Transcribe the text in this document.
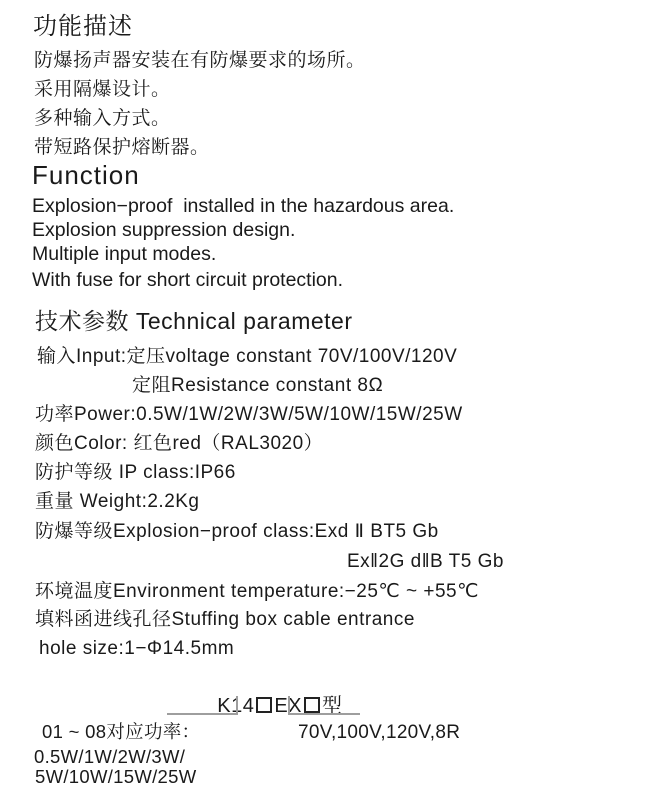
功能描述
防爆扬声器安装在有防爆要求的场所。
采用隔爆设计。
多种输入方式。
带短路保护熔断器。
Function
Explosion−proof  installed in the hazardous area.
Explosion suppression design.
Multiple input modes.
With fuse for short circuit protection.
技术参数 Technical parameter
输入Input:定压voltage constant 70V/100V/120V
定阻Resistance constant 8Ω
功率Power:0.5W/1W/2W/3W/5W/10W/15W/25W
颜色Color: 红色red（RAL3020）
防护等级 IP class:IP66
重量 Weight:2.2Kg
防爆等级Explosion−proof class:Exd Ⅱ BT5 Gb
Ex‖2G d‖B T5 Gb
环境温度Environment temperature:−25℃ ~ +55℃
填料函进线孔径Stuffing box cable entrance
hole size:1−Φ14.5mm

K14 EX 型

01 ~ 08对应功率：
0.5W/1W/2W/3W/
5W/10W/15W/25W
70V,100V,120V,8R
